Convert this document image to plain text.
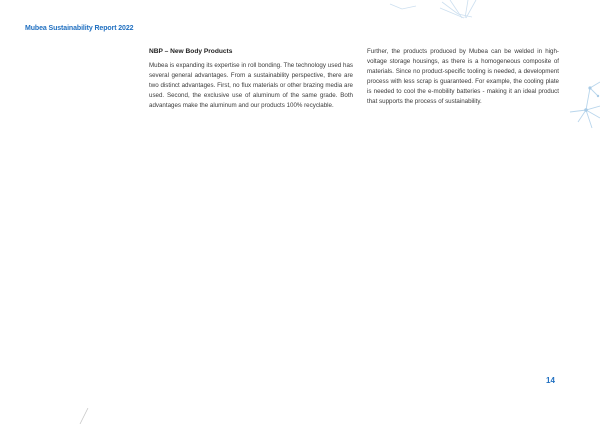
Mubea Sustainability Report 2022
NBP – New Body Products

Mubea is expanding its expertise in roll bonding. The technology used has several general advantages. From a sustainability perspective, there are two distinct advantages. First, no flux materials or other brazing media are used. Second, the exclusive use of aluminum of the same grade. Both advantages make the aluminum and our products 100% recyclable.

Further, the products produced by Mubea can be welded in high-voltage storage housings, as there is a homogeneous composite of materials. Since no product-specific tooling is needed, a development process with less scrap is guaranteed. For example, the cooling plate is needed to cool the e-mobility batteries - making it an ideal product that supports the process of sustainability.

14
